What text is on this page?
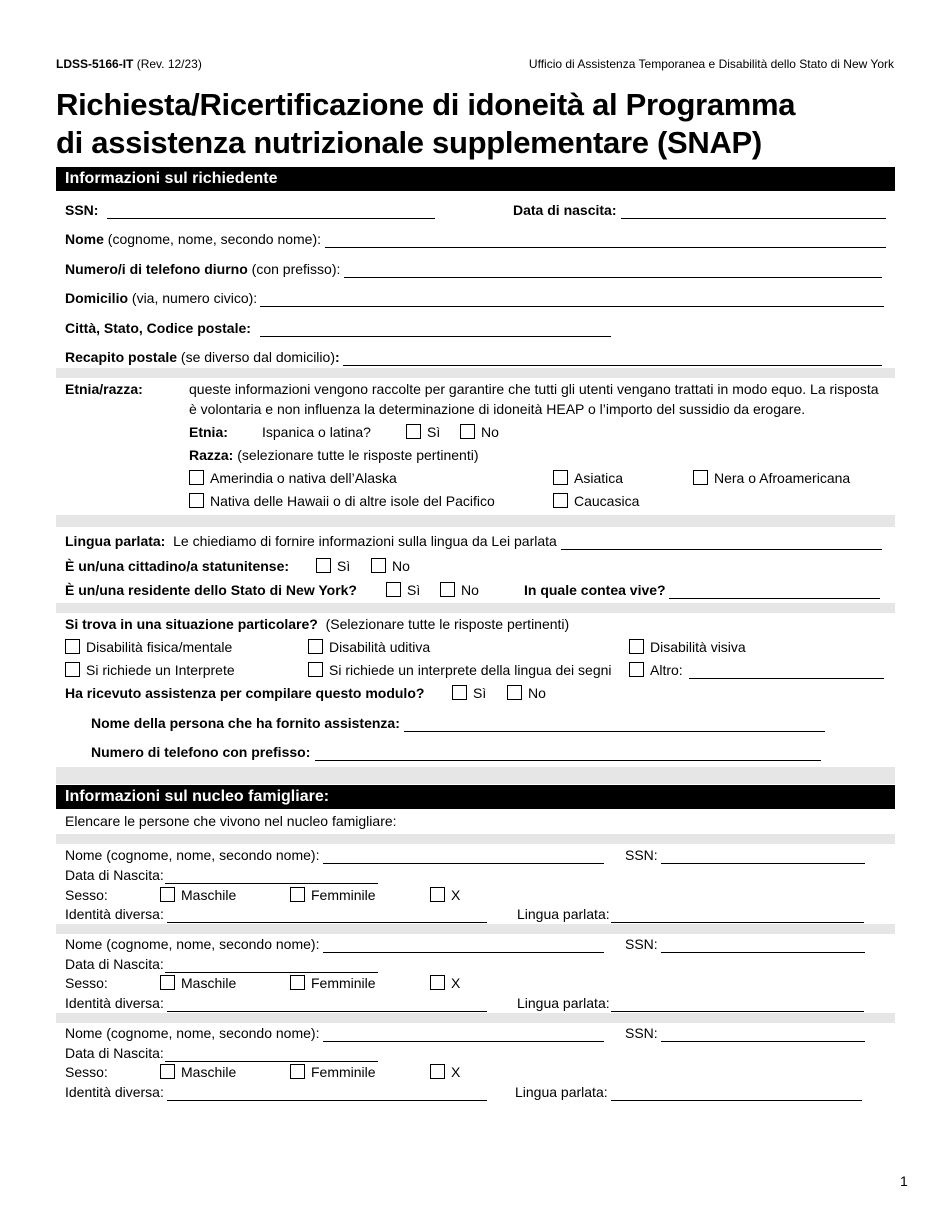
LDSS-5166-IT (Rev. 12/23)	Ufficio di Assistenza Temporanea e Disabilità dello Stato di New York
Richiesta/Ricertificazione di idoneità al Programma
di assistenza nutrizionale supplementare (SNAP)
Informazioni sul richiedente
SSN:	Data di nascita:
Nome (cognome, nome, secondo nome):
Numero/i di telefono diurno (con prefisso):
Domicilio (via, numero civico):
Città, Stato, Codice postale:
Recapito postale (se diverso dal domicilio):
Etnia/razza:	queste informazioni vengono raccolte per garantire che tutti gli utenti vengano trattati in modo equo. La risposta
è volontaria e non influenza la determinazione di idoneità HEAP o l’importo del sussidio da erogare.
Etnia: Ispanica o latina?	Sì	No
Razza: (selezionare tutte le risposte pertinenti)
Amerindia o nativa dell’Alaska	Asiatica	Nera o Afroamericana
Nativa delle Hawaii o di altre isole del Pacifico	Caucasica
Lingua parlata: Le chiediamo di fornire informazioni sulla lingua da Lei parlata
È un/una cittadino/a statunitense:	Sì	No
È un/una residente dello Stato di New York?	Sì	No	In quale contea vive?
Si trova in una situazione particolare? (Selezionare tutte le risposte pertinenti)
Disabilità fisica/mentale	Disabilità uditiva	Disabilità visiva
Si richiede un Interprete	Si richiede un interprete della lingua dei segni	Altro:
Ha ricevuto assistenza per compilare questo modulo?	Sì	No
Nome della persona che ha fornito assistenza:
Numero di telefono con prefisso:
Informazioni sul nucleo famigliare:
Elencare le persone che vivono nel nucleo famigliare:
Nome (cognome, nome, secondo nome):	SSN:
Data di Nascita:
Sesso:	Maschile	Femminile	X
Identità diversa:	Lingua parlata:
Nome (cognome, nome, secondo nome):	SSN:
Data di Nascita:
Sesso:	Maschile	Femminile	X
Identità diversa:	Lingua parlata:
Nome (cognome, nome, secondo nome):	SSN:
Data di Nascita:
Sesso:	Maschile	Femminile	X
Identità diversa:	Lingua parlata:
1
